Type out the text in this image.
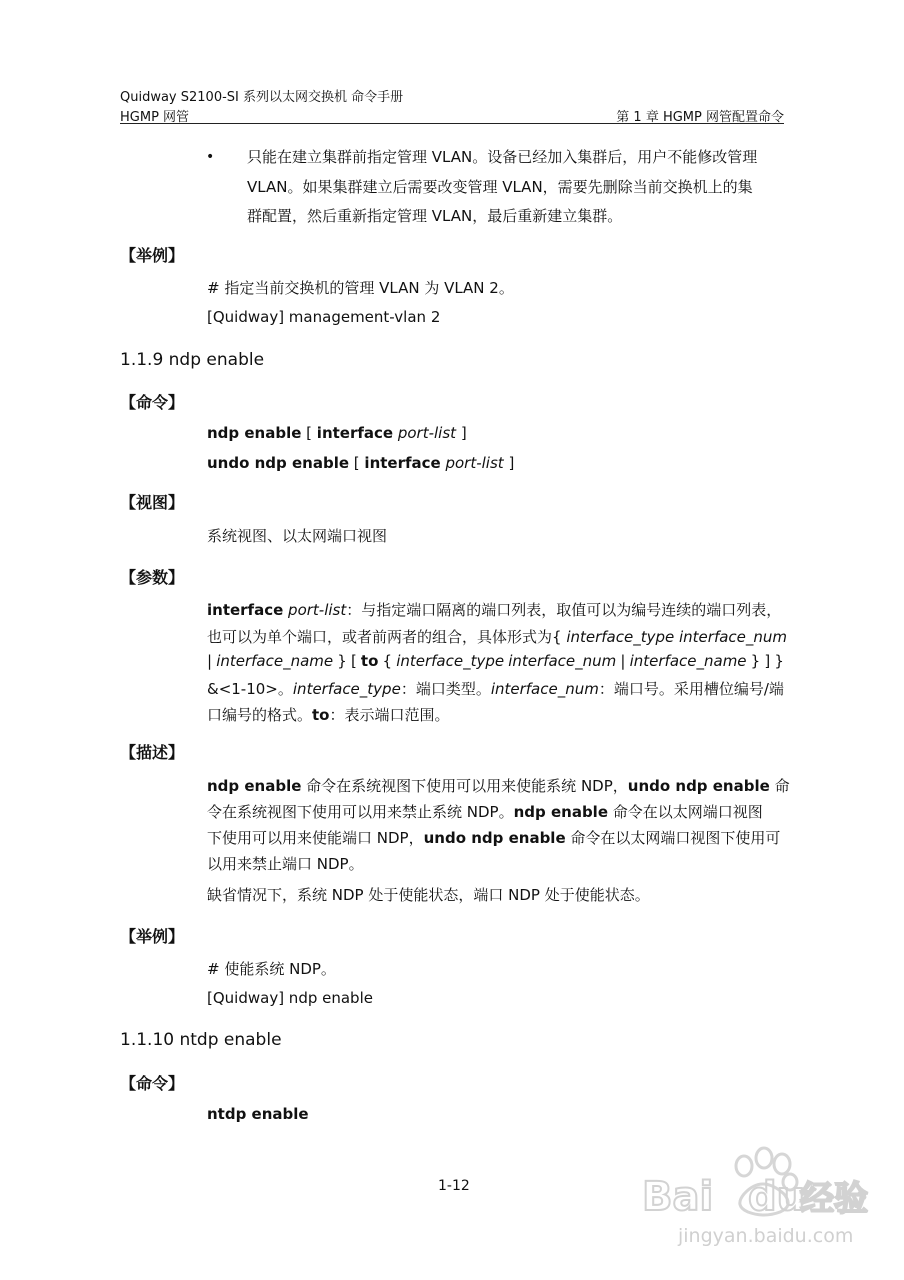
Quidway S2100-SI 系列以太网交换机 命令手册
HGMP 网管	第 1 章 HGMP 网管配置命令
• 只能在建立集群前指定管理 VLAN。设备已经加入集群后，用户不能修改管理
VLAN。如果集群建立后需要改变管理 VLAN，需要先删除当前交换机上的集
群配置，然后重新指定管理 VLAN，最后重新建立集群。
【举例】
# 指定当前交换机的管理 VLAN 为 VLAN 2。
[Quidway] management-vlan 2
1.1.9 ndp enable
【命令】
ndp enable [ interface port-list ]
undo ndp enable [ interface port-list ]
【视图】
系统视图、以太网端口视图
【参数】
interface port-list：与指定端口隔离的端口列表，取值可以为编号连续的端口列表，
也可以为单个端口，或者前两者的组合，具体形式为{ interface_type interface_num
| interface_name } [ to { interface_type interface_num | interface_name } ] }
&<1-10>。interface_type：端口类型。interface_num：端口号。采用槽位编号/端
口编号的格式。to：表示端口范围。
【描述】
ndp enable 命令在系统视图下使用可以用来使能系统 NDP，undo ndp enable 命
令在系统视图下使用可以用来禁止系统 NDP。ndp enable 命令在以太网端口视图
下使用可以用来使能端口 NDP，undo ndp enable 命令在以太网端口视图下使用可
以用来禁止端口 NDP。
缺省情况下，系统 NDP 处于使能状态，端口 NDP 处于使能状态。
【举例】
# 使能系统 NDP。
[Quidway] ndp enable
1.1.10 ntdp enable
【命令】
ntdp enable
1-12	Bai du
经验
jingyan.baidu.com
